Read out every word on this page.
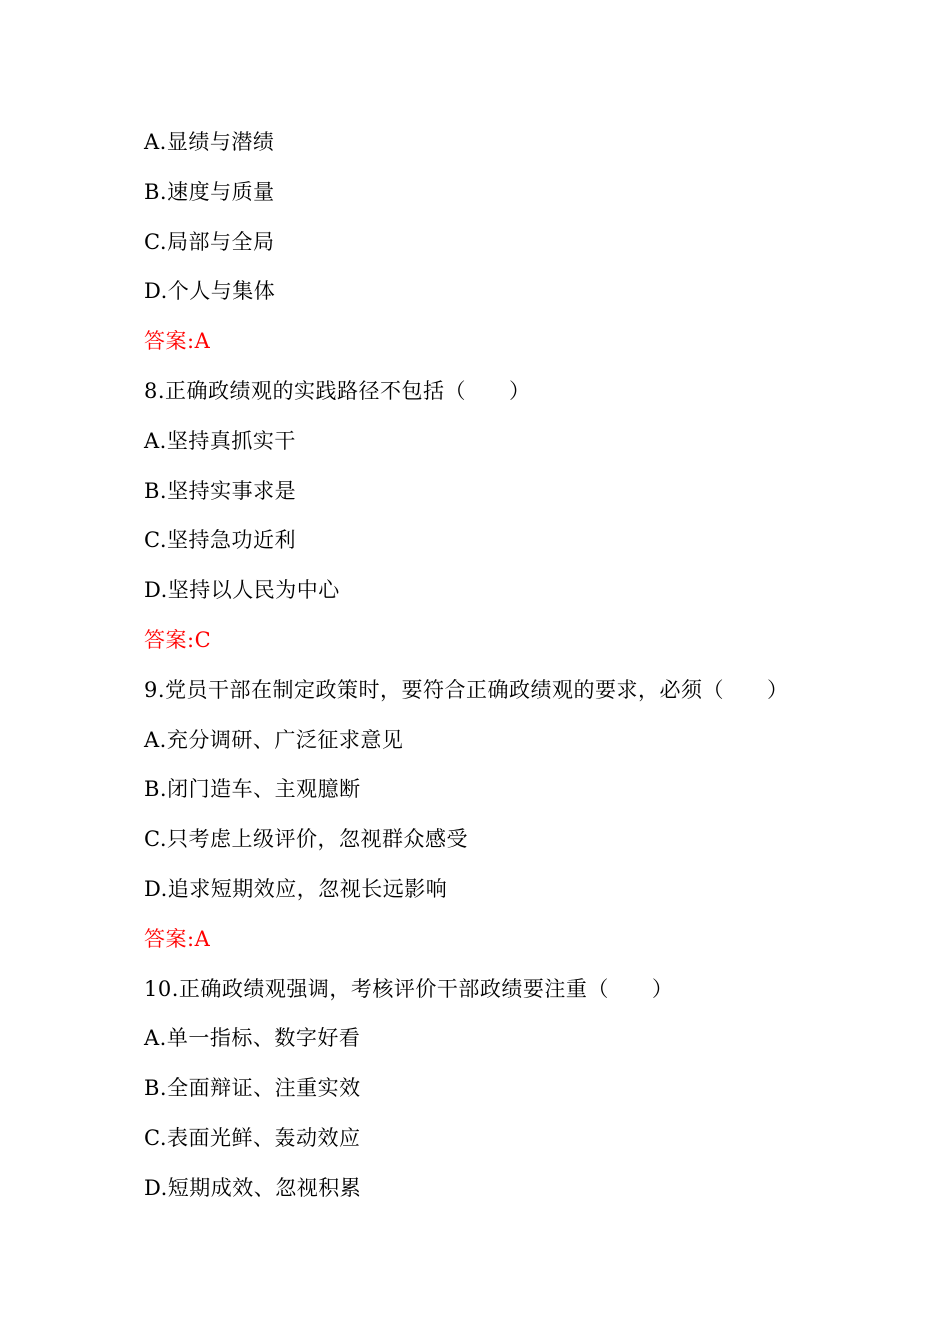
A.显绩与潜绩
B.速度与质量
C.局部与全局
D.个人与集体
答案:A
8.正确政绩观的实践路径不包括（　　）
A.坚持真抓实干
B.坚持实事求是
C.坚持急功近利
D.坚持以人民为中心
答案:C
9.党员干部在制定政策时，要符合正确政绩观的要求，必须（　　）
A.充分调研、广泛征求意见
B.闭门造车、主观臆断
C.只考虑上级评价，忽视群众感受
D.追求短期效应，忽视长远影响
答案:A
10.正确政绩观强调，考核评价干部政绩要注重（　　）
A.单一指标、数字好看
B.全面辩证、注重实效
C.表面光鲜、轰动效应
D.短期成效、忽视积累
